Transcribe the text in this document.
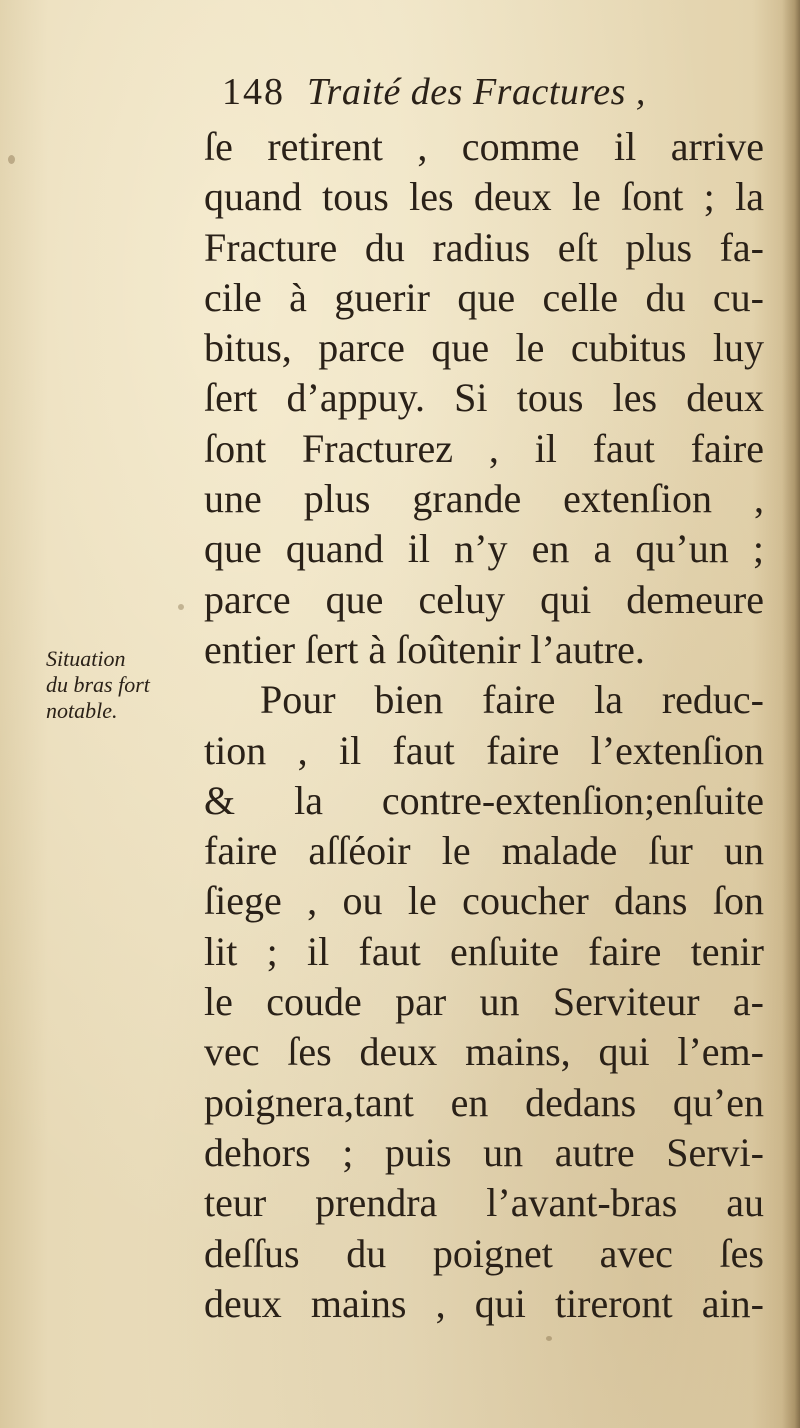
148 Traité des Fractures ,
Situation
du bras fort
notable.
ſe retirent , comme il arrive
quand tous les deux le ſont ; la
Fracture du radius eſt plus fa-
cile à guerir que celle du cu-
bitus, parce que le cubitus luy
ſert d’appuy. Si tous les deux
ſont Fracturez , il faut faire
une plus grande extenſion ,
que quand il n’y en a qu’un ;
parce que celuy qui demeure
entier ſert à ſoûtenir l’autre.
Pour bien faire la reduc-
tion , il faut faire l’extenſion
& la contre-extenſion;enſuite
faire aſſéoir le malade ſur un
ſiege , ou le coucher dans ſon
lit ; il faut enſuite faire tenir
le coude par un Serviteur a-
vec ſes deux mains, qui l’em-
poignera,tant en dedans qu’en
dehors ; puis un autre Servi-
teur prendra l’avant-bras au
deſſus du poignet avec ſes
deux mains , qui tireront ain-
